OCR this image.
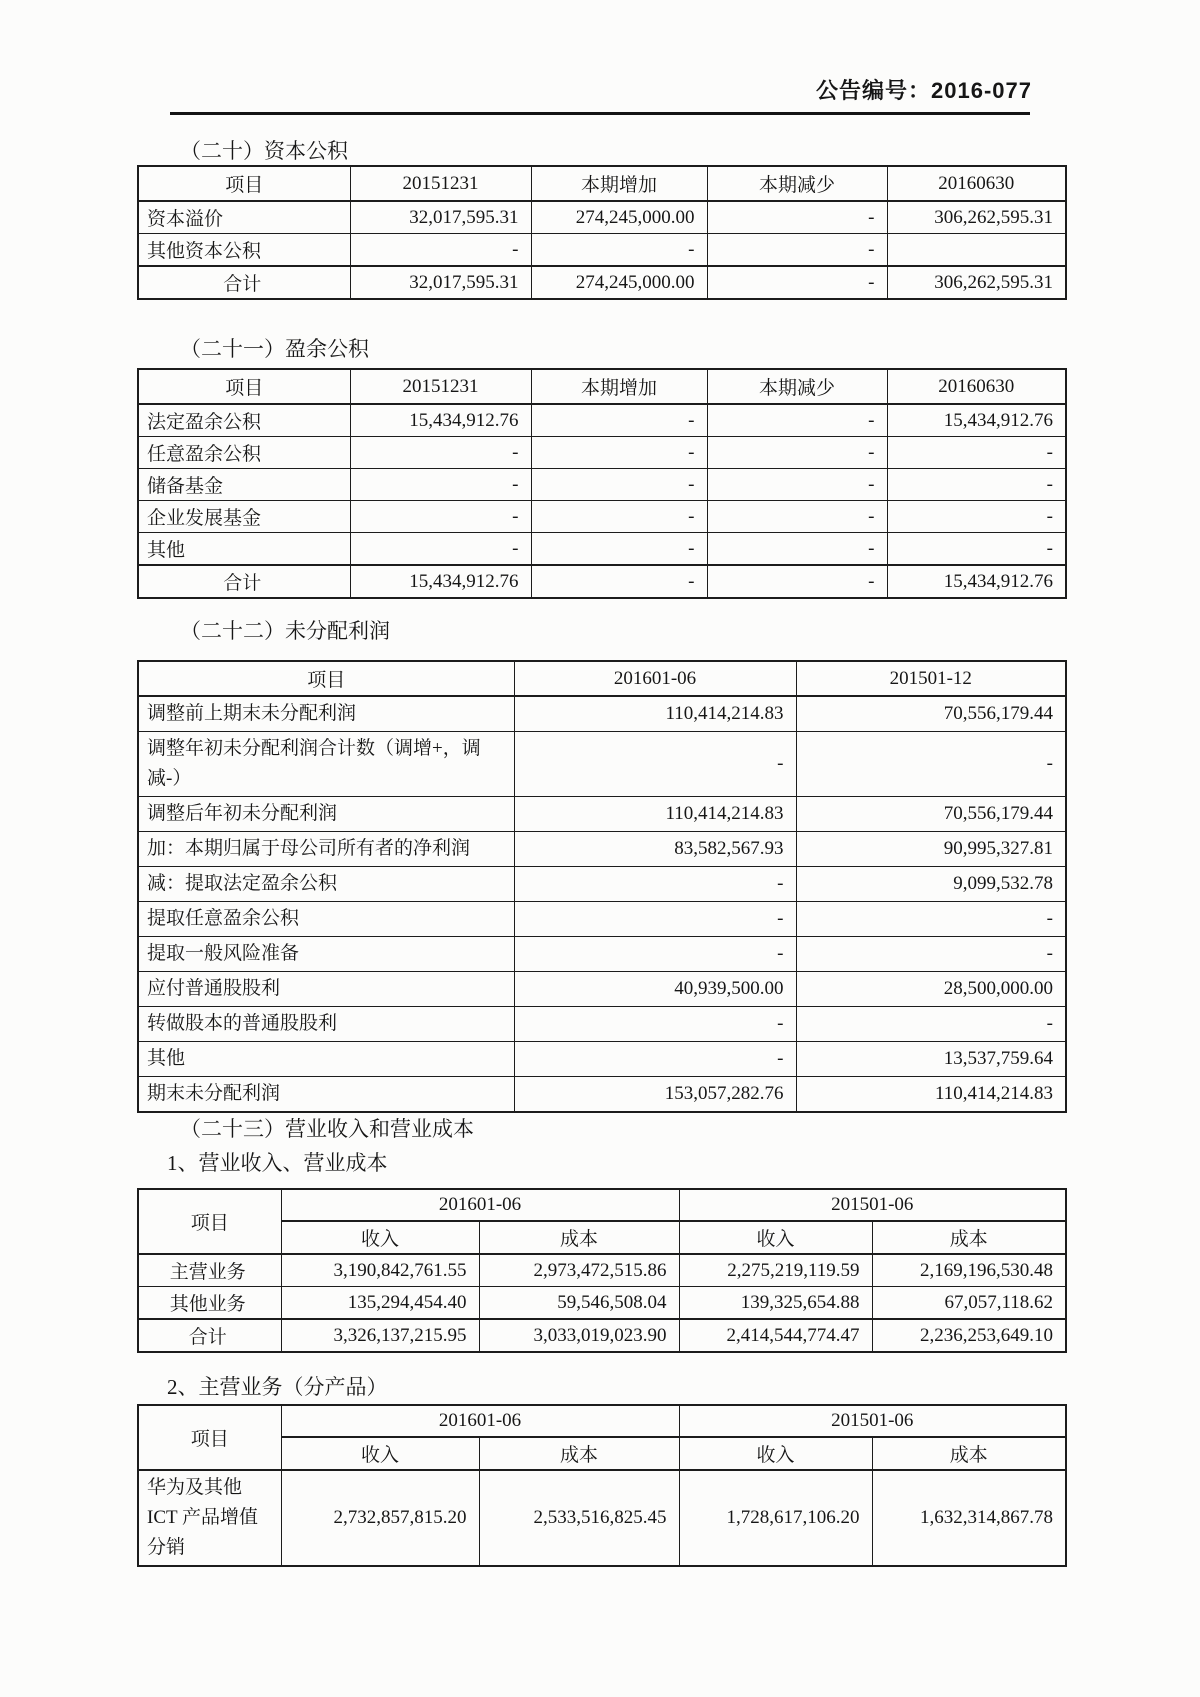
公告编号：2016-077
（二十）资本公积
项目	20151231	本期增加	本期减少	20160630
资本溢价	32,017,595.31	274,245,000.00	-	306,262,595.31
其他资本公积	-	-	-	
合计	32,017,595.31	274,245,000.00	-	306,262,595.31
（二十一）盈余公积
项目	20151231	本期增加	本期减少	20160630
法定盈余公积	15,434,912.76	-	-	15,434,912.76
任意盈余公积	-	-	-	-
储备基金	-	-	-	-
企业发展基金	-	-	-	-
其他	-	-	-	-
合计	15,434,912.76	-	-	15,434,912.76
（二十二）未分配利润
项目	201601-06	201501-12
调整前上期末未分配利润	110,414,214.83	70,556,179.44
调整年初未分配利润合计数（调增+，调减-）	-	-
调整后年初未分配利润	110,414,214.83	70,556,179.44
加：本期归属于母公司所有者的净利润	83,582,567.93	90,995,327.81
减：提取法定盈余公积	-	9,099,532.78
提取任意盈余公积	-	-
提取一般风险准备	-	-
应付普通股股利	40,939,500.00	28,500,000.00
转做股本的普通股股利	-	-
其他	-	13,537,759.64
期末未分配利润	153,057,282.76	110,414,214.83
（二十三）营业收入和营业成本
1、营业收入、营业成本
项目	201601-06		201501-06	
	收入	成本	收入	成本
主营业务	3,190,842,761.55	2,973,472,515.86	2,275,219,119.59	2,169,196,530.48
其他业务	135,294,454.40	59,546,508.04	139,325,654.88	67,057,118.62
合计	3,326,137,215.95	3,033,019,023.90	2,414,544,774.47	2,236,253,649.10
2、主营业务（分产品）
项目	201601-06		201501-06	
	收入	成本	收入	成本
华为及其他 ICT 产品增值分销	2,732,857,815.20	2,533,516,825.45	1,728,617,106.20	1,632,314,867.78
